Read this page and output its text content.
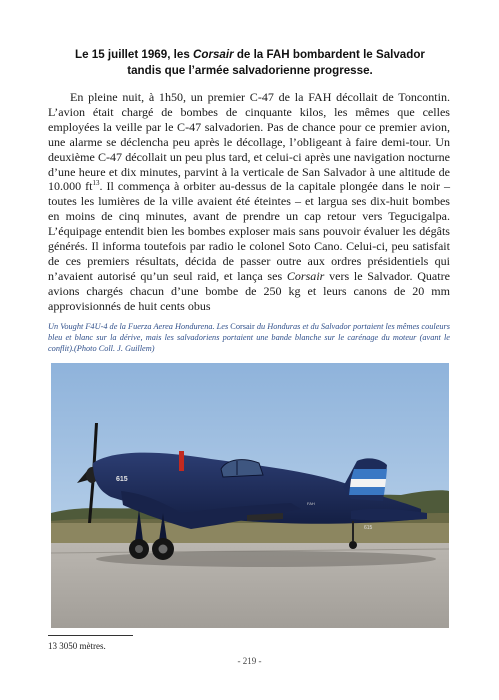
Le 15 juillet 1969, les Corsair de la FAH bombardent le Salvador tandis que l’armée salvadorienne progresse.

En pleine nuit, à 1h50, un premier C-47 de la FAH décollait de Toncontin. L’avion était chargé de bombes de cinquante kilos, les mêmes que celles employées la veille par le C-47 salvadorien. Pas de chance pour ce premier avion, une alarme se déclencha peu après le décollage, l’obligeant à faire demi-tour. Un deuxième C-47 décollait un peu plus tard, et celui-ci après une navigation nocturne d’une heure et dix minutes, parvint à la verticale de San Salvador à une altitude de 10.000 $ft^{13}$. Il commença à orbiter au-dessus de la capitale plongée dans le noir – toutes les lumières de la ville avaient été éteintes – et largua ses dix-huit bombes en moins de cinq minutes, avant de prendre un cap retour vers Tegucigalpa. L’équipage entendit bien les bombes exploser mais sans pouvoir évaluer les dégâts générés. Il informa toutefois par radio le colonel Soto Cano. Celui-ci, peu satisfait de ces premiers résultats, décida de passer outre aux ordres présidentiels qui n’avaient autorisé qu’un seul raid, et lança ses Corsair vers le Salvador. Quatre avions chargés chacun d’une bombe de 250 kg et leurs canons de 20 mm approvisionnés de huit cents obus

Un Vought F4U-4 de la Fuerza Aerea Hondurena. Les Corsair du Honduras et du Salvador portaient les mêmes couleurs bleu et blanc sur la dérive, mais les salvadoriens portaient une bande blanche sur le carénage du moteur (avant le conflit).(Photo Coll. J. Guillem)
615
FAH
615
13 3050 mètres.
- 219 -
